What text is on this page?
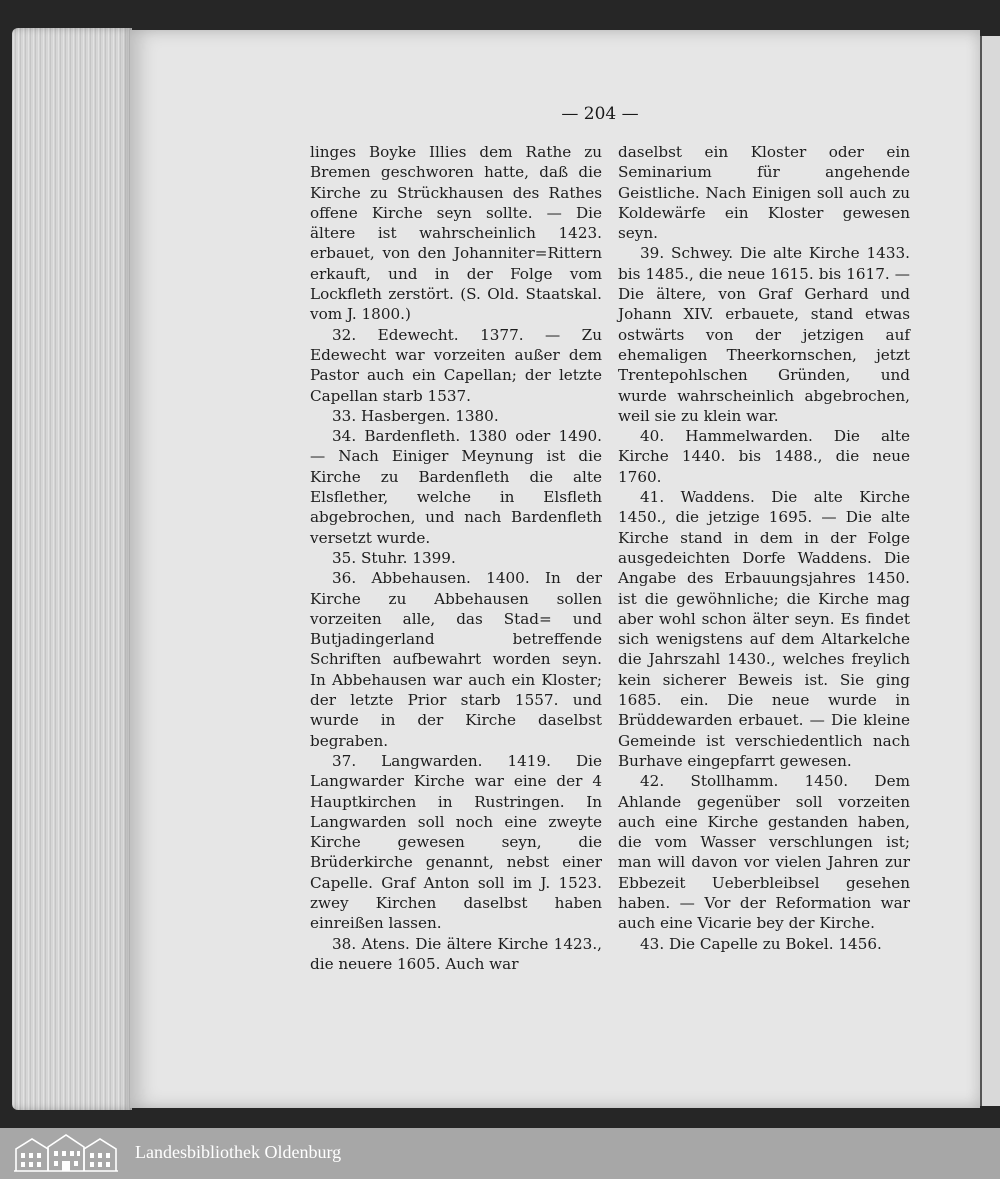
— 204 —

linges Boyke Illies dem Rathe zu Bremen geschworen hatte, daß die Kirche zu Strückhausen des Rathes offene Kirche seyn sollte. — Die ältere ist wahrscheinlich 1423. erbauet, von den Johanniter=Rittern erkauft, und in der Folge vom Lockfleth zerstört. (S. Old. Staatskal. vom J. 1800.)

32. Edewecht. 1377. — Zu Edewecht war vorzeiten außer dem Pastor auch ein Capellan; der letzte Capellan starb 1537.

33. Hasbergen. 1380.

34. Bardenfleth. 1380 oder 1490. — Nach Einiger Meynung ist die Kirche zu Bardenfleth die alte Elsflether, welche in Elsfleth abgebrochen, und nach Bardenfleth versetzt wurde.

35. Stuhr. 1399.

36. Abbehausen. 1400. In der Kirche zu Abbehausen sollen vorzeiten alle, das Stad= und Butjadingerland betreffende Schriften aufbewahrt worden seyn. In Abbehausen war auch ein Kloster; der letzte Prior starb 1557. und wurde in der Kirche daselbst begraben.

37. Langwarden. 1419. Die Langwarder Kirche war eine der 4 Hauptkirchen in Rustringen. In Langwarden soll noch eine zweyte Kirche gewesen seyn, die Brüderkirche genannt, nebst einer Capelle. Graf Anton soll im J. 1523. zwey Kirchen daselbst haben einreißen lassen.

38. Atens. Die ältere Kirche 1423., die neuere 1605. Auch war

daselbst ein Kloster oder ein Seminarium für angehende Geistliche. Nach Einigen soll auch zu Koldewärfe ein Kloster gewesen seyn.

39. Schwey. Die alte Kirche 1433. bis 1485., die neue 1615. bis 1617. — Die ältere, von Graf Gerhard und Johann XIV. erbauete, stand etwas ostwärts von der jetzigen auf ehemaligen Theerkornschen, jetzt Trentepohlschen Gründen, und wurde wahrscheinlich abgebrochen, weil sie zu klein war.

40. Hammelwarden. Die alte Kirche 1440. bis 1488., die neue 1760.

41. Waddens. Die alte Kirche 1450., die jetzige 1695. — Die alte Kirche stand in dem in der Folge ausgedeichten Dorfe Waddens. Die Angabe des Erbauungsjahres 1450. ist die gewöhnliche; die Kirche mag aber wohl schon älter seyn. Es findet sich wenigstens auf dem Altarkelche die Jahrszahl 1430., welches freylich kein sicherer Beweis ist. Sie ging 1685. ein. Die neue wurde in Brüddewarden erbauet. — Die kleine Gemeinde ist verschiedentlich nach Burhave eingepfarrt gewesen.

42. Stollhamm. 1450. Dem Ahlande gegenüber soll vorzeiten auch eine Kirche gestanden haben, die vom Wasser verschlungen ist; man will davon vor vielen Jahren zur Ebbezeit Ueberbleibsel gesehen haben. — Vor der Reformation war auch eine Vicarie bey der Kirche.

43. Die Capelle zu Bokel. 1456.

Landesbibliothek Oldenburg
